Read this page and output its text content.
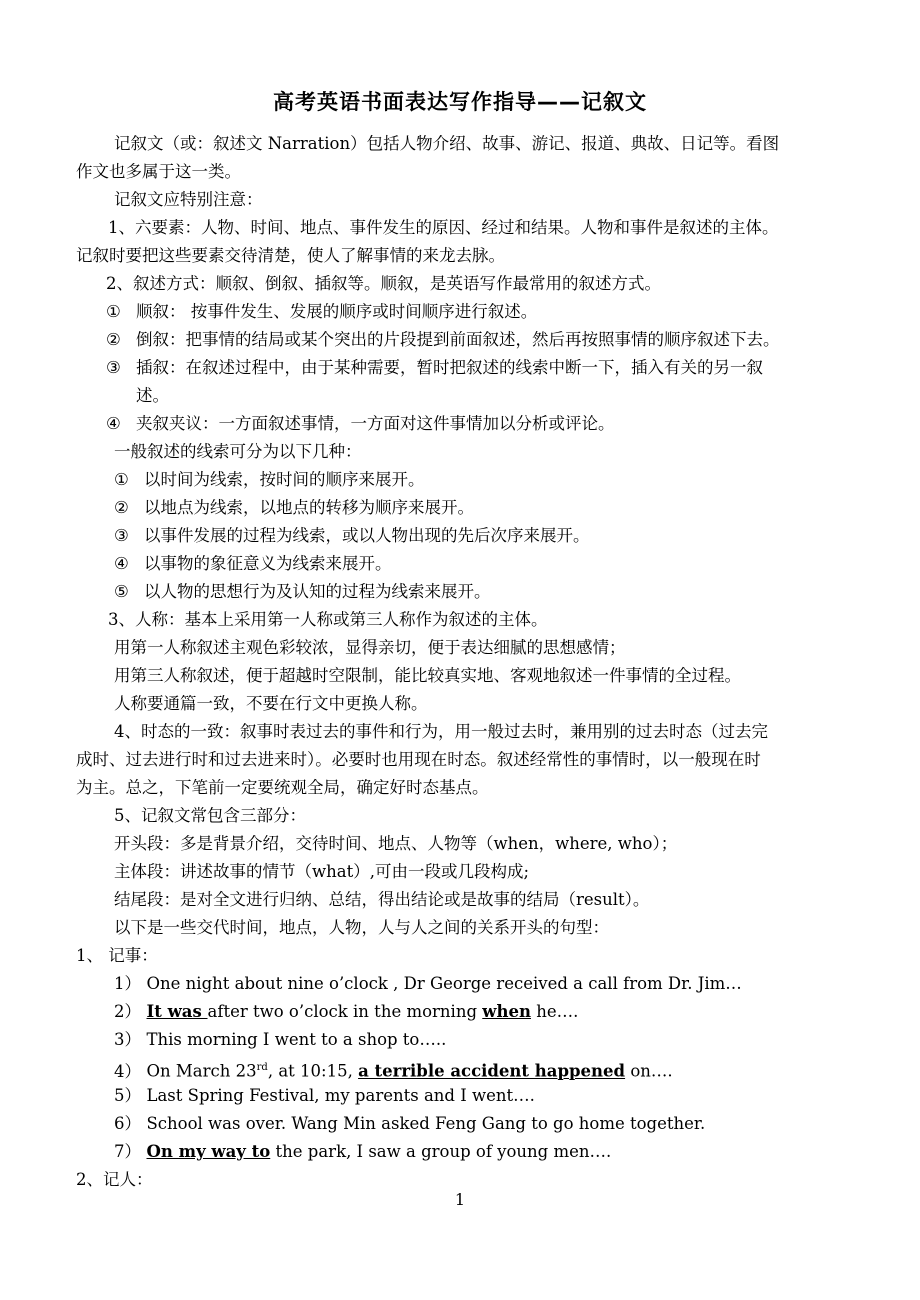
高考英语书面表达写作指导——记叙文
记叙文（或：叙述文 Narration）包括人物介绍、故事、游记、报道、典故、日记等。看图
作文也多属于这一类。
记叙文应特别注意：
1、六要素：人物、时间、地点、事件发生的原因、经过和结果。人物和事件是叙述的主体。
记叙时要把这些要素交待清楚，使人了解事情的来龙去脉。
2、叙述方式：顺叙、倒叙、插叙等。顺叙，是英语写作最常用的叙述方式。
① 顺叙： 按事件发生、发展的顺序或时间顺序进行叙述。
② 倒叙：把事情的结局或某个突出的片段提到前面叙述，然后再按照事情的顺序叙述下去。
③ 插叙：在叙述过程中，由于某种需要，暂时把叙述的线索中断一下，插入有关的另一叙
述。
④ 夹叙夹议：一方面叙述事情，一方面对这件事情加以分析或评论。
一般叙述的线索可分为以下几种：
① 以时间为线索，按时间的顺序来展开。
② 以地点为线索，以地点的转移为顺序来展开。
③ 以事件发展的过程为线索，或以人物出现的先后次序来展开。
④ 以事物的象征意义为线索来展开。
⑤ 以人物的思想行为及认知的过程为线索来展开。
3、人称：基本上采用第一人称或第三人称作为叙述的主体。
用第一人称叙述主观色彩较浓，显得亲切，便于表达细腻的思想感情；
用第三人称叙述，便于超越时空限制，能比较真实地、客观地叙述一件事情的全过程。
人称要通篇一致，不要在行文中更换人称。
4、时态的一致：叙事时表过去的事件和行为，用一般过去时，兼用别的过去时态（过去完
成时、过去进行时和过去进来时）。必要时也用现在时态。叙述经常性的事情时，以一般现在时
为主。总之，下笔前一定要统观全局，确定好时态基点。
5、记叙文常包含三部分：
开头段：多是背景介绍，交待时间、地点、人物等（when，where, who）；
主体段：讲述故事的情节（what）,可由一段或几段构成;
结尾段：是对全文进行归纳、总结，得出结论或是故事的结局（result）。
以下是一些交代时间，地点，人物，人与人之间的关系开头的句型：
1、 记事：
1） One night about nine o’clock , Dr George received a call from Dr. Jim…
2） It was after two o’clock in the morning when he….
3） This morning I went to a shop to…..
4） On March 23rd, at 10:15, a terrible accident happened on….
5） Last Spring Festival, my parents and I went….
6） School was over. Wang Min asked Feng Gang to go home together.
7） On my way to the park, I saw a group of young men….
2、记人：
1
